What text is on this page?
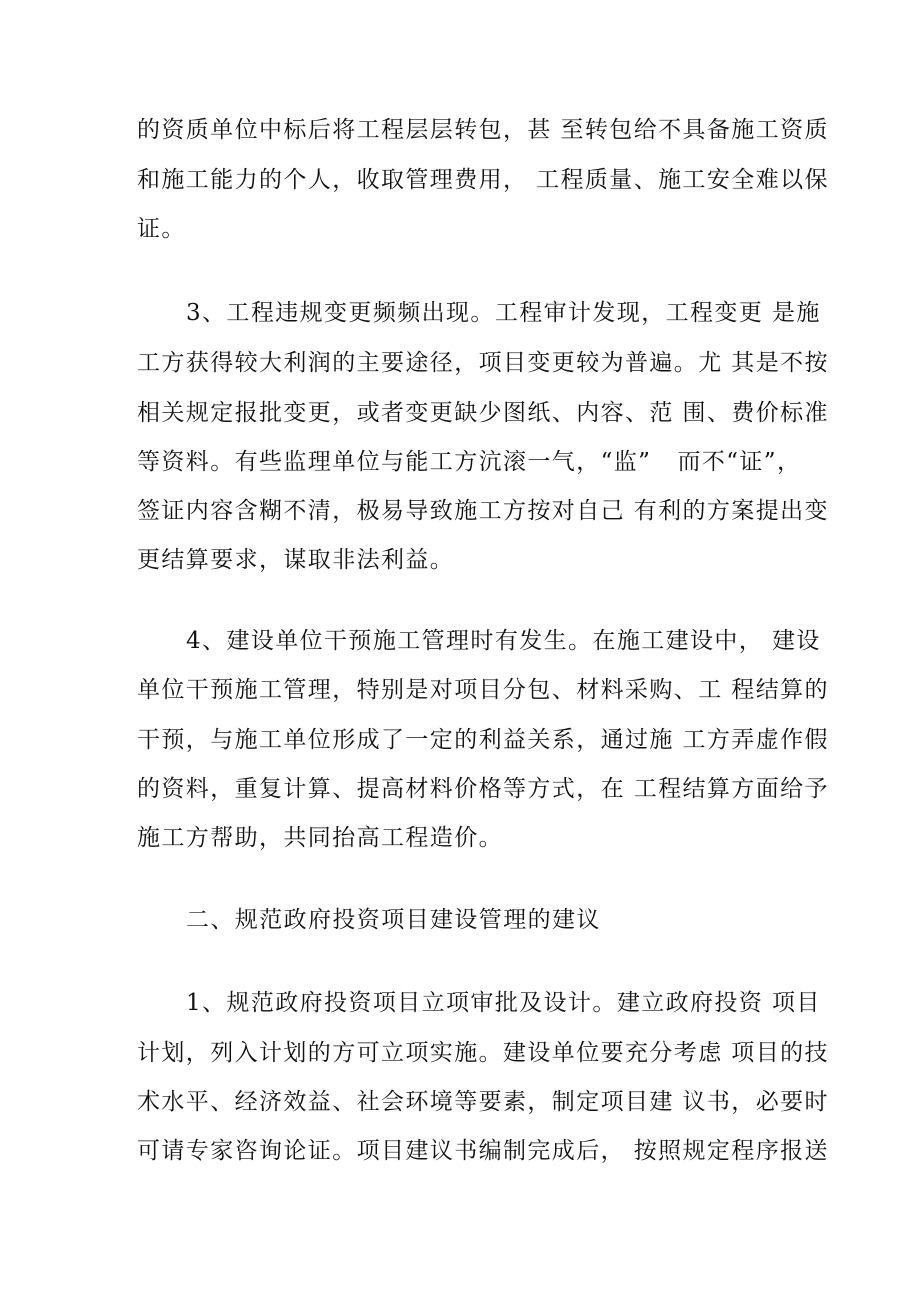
的资质单位中标后将工程层层转包，甚 至转包给不具备施工资质
和施工能力的个人，收取管理费用， 工程质量、施工安全难以保
证。
3、工程违规变更频频出现。工程审计发现，工程变更 是施
工方获得较大利润的主要途径，项目变更较为普遍。尤 其是不按
相关规定报批变更，或者变更缺少图纸、内容、范 围、费价标准
等资料。有些监理单位与能工方沆滚一气，“监”   而不“证”，
签证内容含糊不清，极易导致施工方按对自己 有利的方案提出变
更结算要求，谋取非法利益。
4、建设单位干预施工管理时有发生。在施工建设中， 建设
单位干预施工管理，特别是对项目分包、材料采购、工 程结算的
干预，与施工单位形成了一定的利益关系，通过施 工方弄虚作假
的资料，重复计算、提高材料价格等方式，在 工程结算方面给予
施工方帮助，共同抬高工程造价。
二、规范政府投资项目建设管理的建议
1、规范政府投资项目立项审批及设计。建立政府投资 项目
计划，列入计划的方可立项实施。建设单位要充分考虑 项目的技
术水平、经济效益、社会环境等要素，制定项目建 议书，必要时
可请专家咨询论证。项目建议书编制完成后， 按照规定程序报送
